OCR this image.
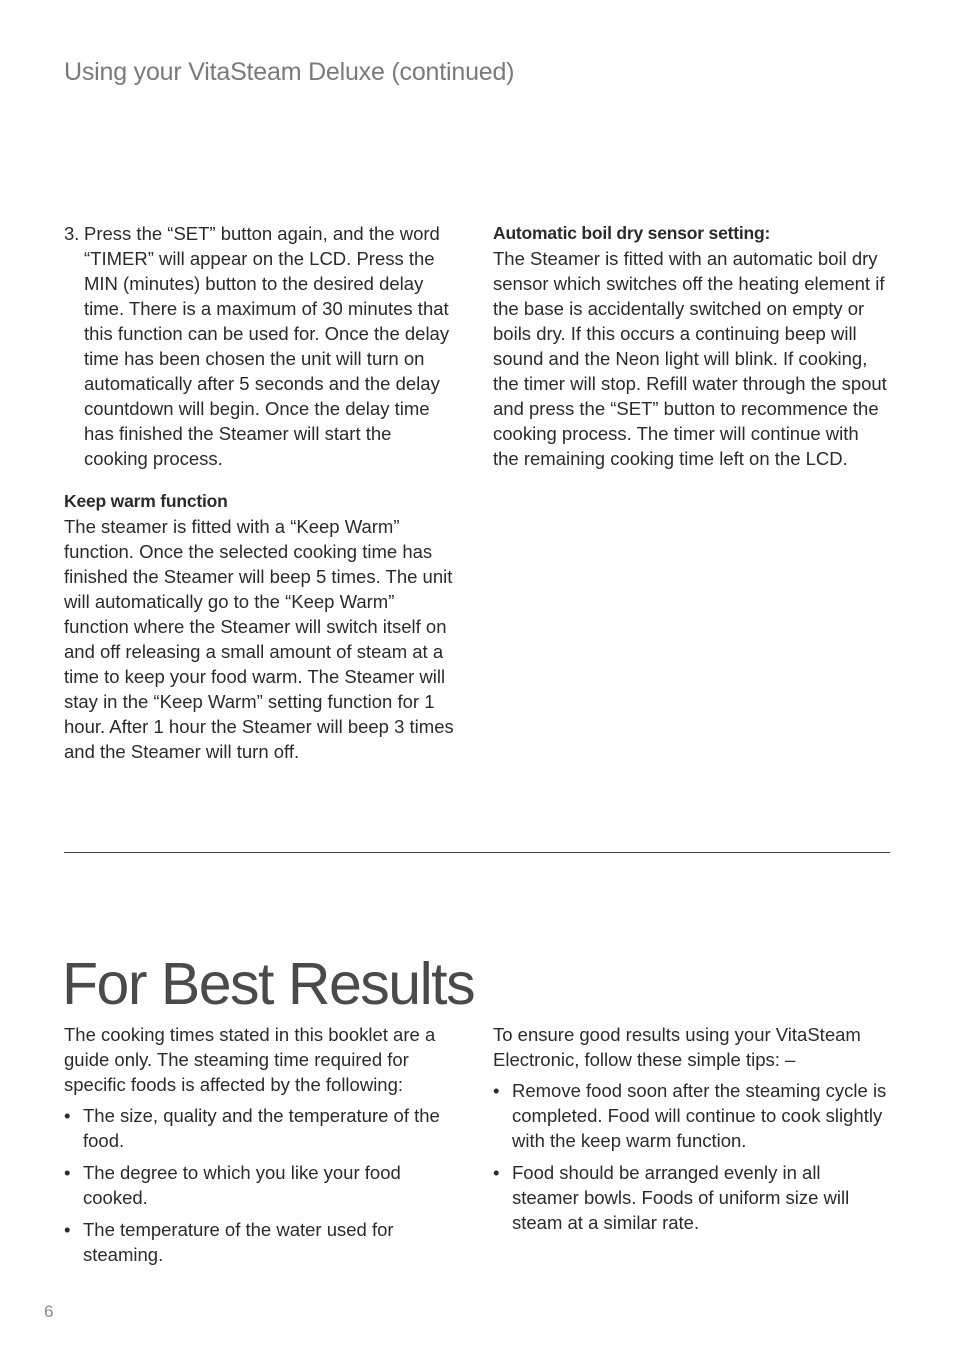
Using your VitaSteam Deluxe (continued)
3. Press the “SET” button again, and the word “TIMER” will appear on the LCD. Press the MIN (minutes) button to the desired delay time. There is a maximum of 30 minutes that this function can be used for. Once the delay time has been chosen the unit will turn on automatically after 5 seconds and the delay countdown will begin. Once the delay time has finished the Steamer will start the cooking process.

Keep warm function

The steamer is fitted with a “Keep Warm” function. Once the selected cooking time has finished the Steamer will beep 5 times. The unit will automatically go to the “Keep Warm” function where the Steamer will switch itself on and off releasing a small amount of steam at a time to keep your food warm. The Steamer will stay in the “Keep Warm” setting function for 1 hour. After 1 hour the Steamer will beep 3 times and the Steamer will turn off.

Automatic boil dry sensor setting:

The Steamer is fitted with an automatic boil dry sensor which switches off the heating element if the base is accidentally switched on empty or boils dry. If this occurs a continuing beep will sound and the Neon light will blink. If cooking, the timer will stop. Refill water through the spout and press the “SET” button to recommence the cooking process. The timer will continue with the remaining cooking time left on the LCD.

For Best Results

The cooking times stated in this booklet are a guide only. The steaming time required for specific foods is affected by the following:

• The size, quality and the temperature of the food.
• The degree to which you like your food cooked.
• The temperature of the water used for steaming.

To ensure good results using your VitaSteam Electronic, follow these simple tips: –

• Remove food soon after the steaming cycle is completed. Food will continue to cook slightly with the keep warm function.
• Food should be arranged evenly in all steamer bowls. Foods of uniform size will steam at a similar rate.
6
